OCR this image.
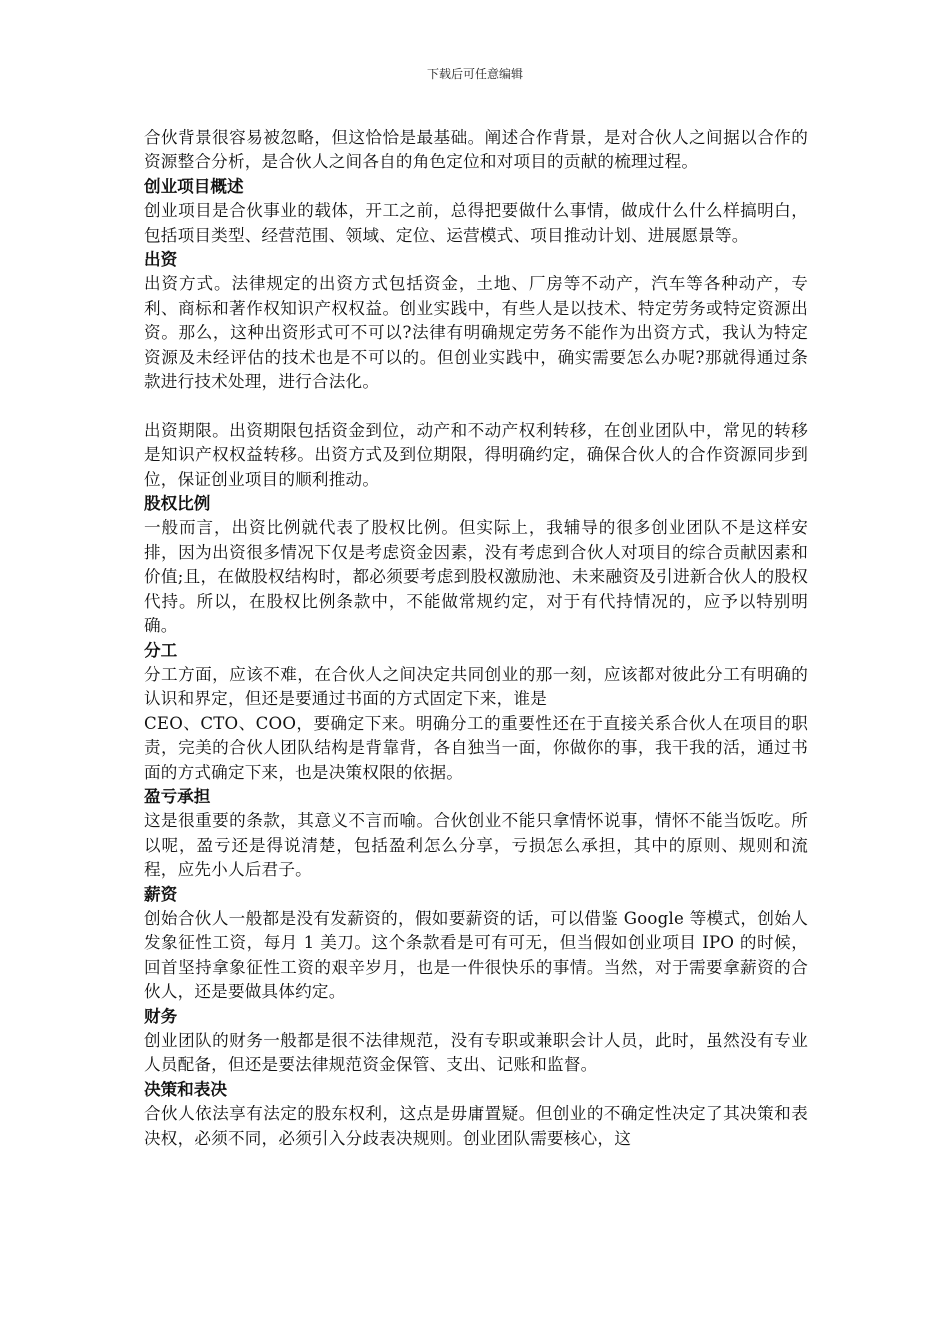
下载后可任意编辑

合伙背景很容易被忽略，但这恰恰是最基础。阐述合作背景，是对合伙人之间据以合作的资源整合分析，是合伙人之间各自的角色定位和对项目的贡献的梳理过程。

创业项目概述

创业项目是合伙事业的载体，开工之前，总得把要做什么事情，做成什么什么样搞明白，包括项目类型、经营范围、领域、定位、运营模式、项目推动计划、进展愿景等。

出资

出资方式。法律规定的出资方式包括资金，土地、厂房等不动产，汽车等各种动产，专利、商标和著作权知识产权权益。创业实践中，有些人是以技术、特定劳务或特定资源出资。那么，这种出资形式可不可以?法律有明确规定劳务不能作为出资方式，我认为特定资源及未经评估的技术也是不可以的。但创业实践中，确实需要怎么办呢?那就得通过条款进行技术处理，进行合法化。

出资期限。出资期限包括资金到位，动产和不动产权利转移，在创业团队中，常见的转移是知识产权权益转移。出资方式及到位期限，得明确约定，确保合伙人的合作资源同步到位，保证创业项目的顺利推动。

股权比例

一般而言，出资比例就代表了股权比例。但实际上，我辅导的很多创业团队不是这样安排，因为出资很多情况下仅是考虑资金因素，没有考虑到合伙人对项目的综合贡献因素和价值;且，在做股权结构时，都必须要考虑到股权激励池、未来融资及引进新合伙人的股权代持。所以，在股权比例条款中，不能做常规约定，对于有代持情况的，应予以特别明确。

分工

分工方面，应该不难，在合伙人之间决定共同创业的那一刻，应该都对彼此分工有明确的认识和界定，但还是要通过书面的方式固定下来，谁是

CEO、CTO、COO，要确定下来。明确分工的重要性还在于直接关系合伙人在项目的职责，完美的合伙人团队结构是背靠背，各自独当一面，你做你的事，我干我的活，通过书面的方式确定下来，也是决策权限的依据。

盈亏承担

这是很重要的条款，其意义不言而喻。合伙创业不能只拿情怀说事，情怀不能当饭吃。所以呢，盈亏还是得说清楚，包括盈利怎么分享，亏损怎么承担，其中的原则、规则和流程，应先小人后君子。

薪资

创始合伙人一般都是没有发薪资的，假如要薪资的话，可以借鉴 Google 等模式，创始人发象征性工资，每月 1 美刀。这个条款看是可有可无，但当假如创业项目 IPO 的时候，回首坚持拿象征性工资的艰辛岁月，也是一件很快乐的事情。当然，对于需要拿薪资的合伙人，还是要做具体约定。

财务

创业团队的财务一般都是很不法律规范，没有专职或兼职会计人员，此时，虽然没有专业人员配备，但还是要法律规范资金保管、支出、记账和监督。

决策和表决

合伙人依法享有法定的股东权利，这点是毋庸置疑。但创业的不确定性决定了其决策和表决权，必须不同，必须引入分歧表决规则。创业团队需要核心，这
